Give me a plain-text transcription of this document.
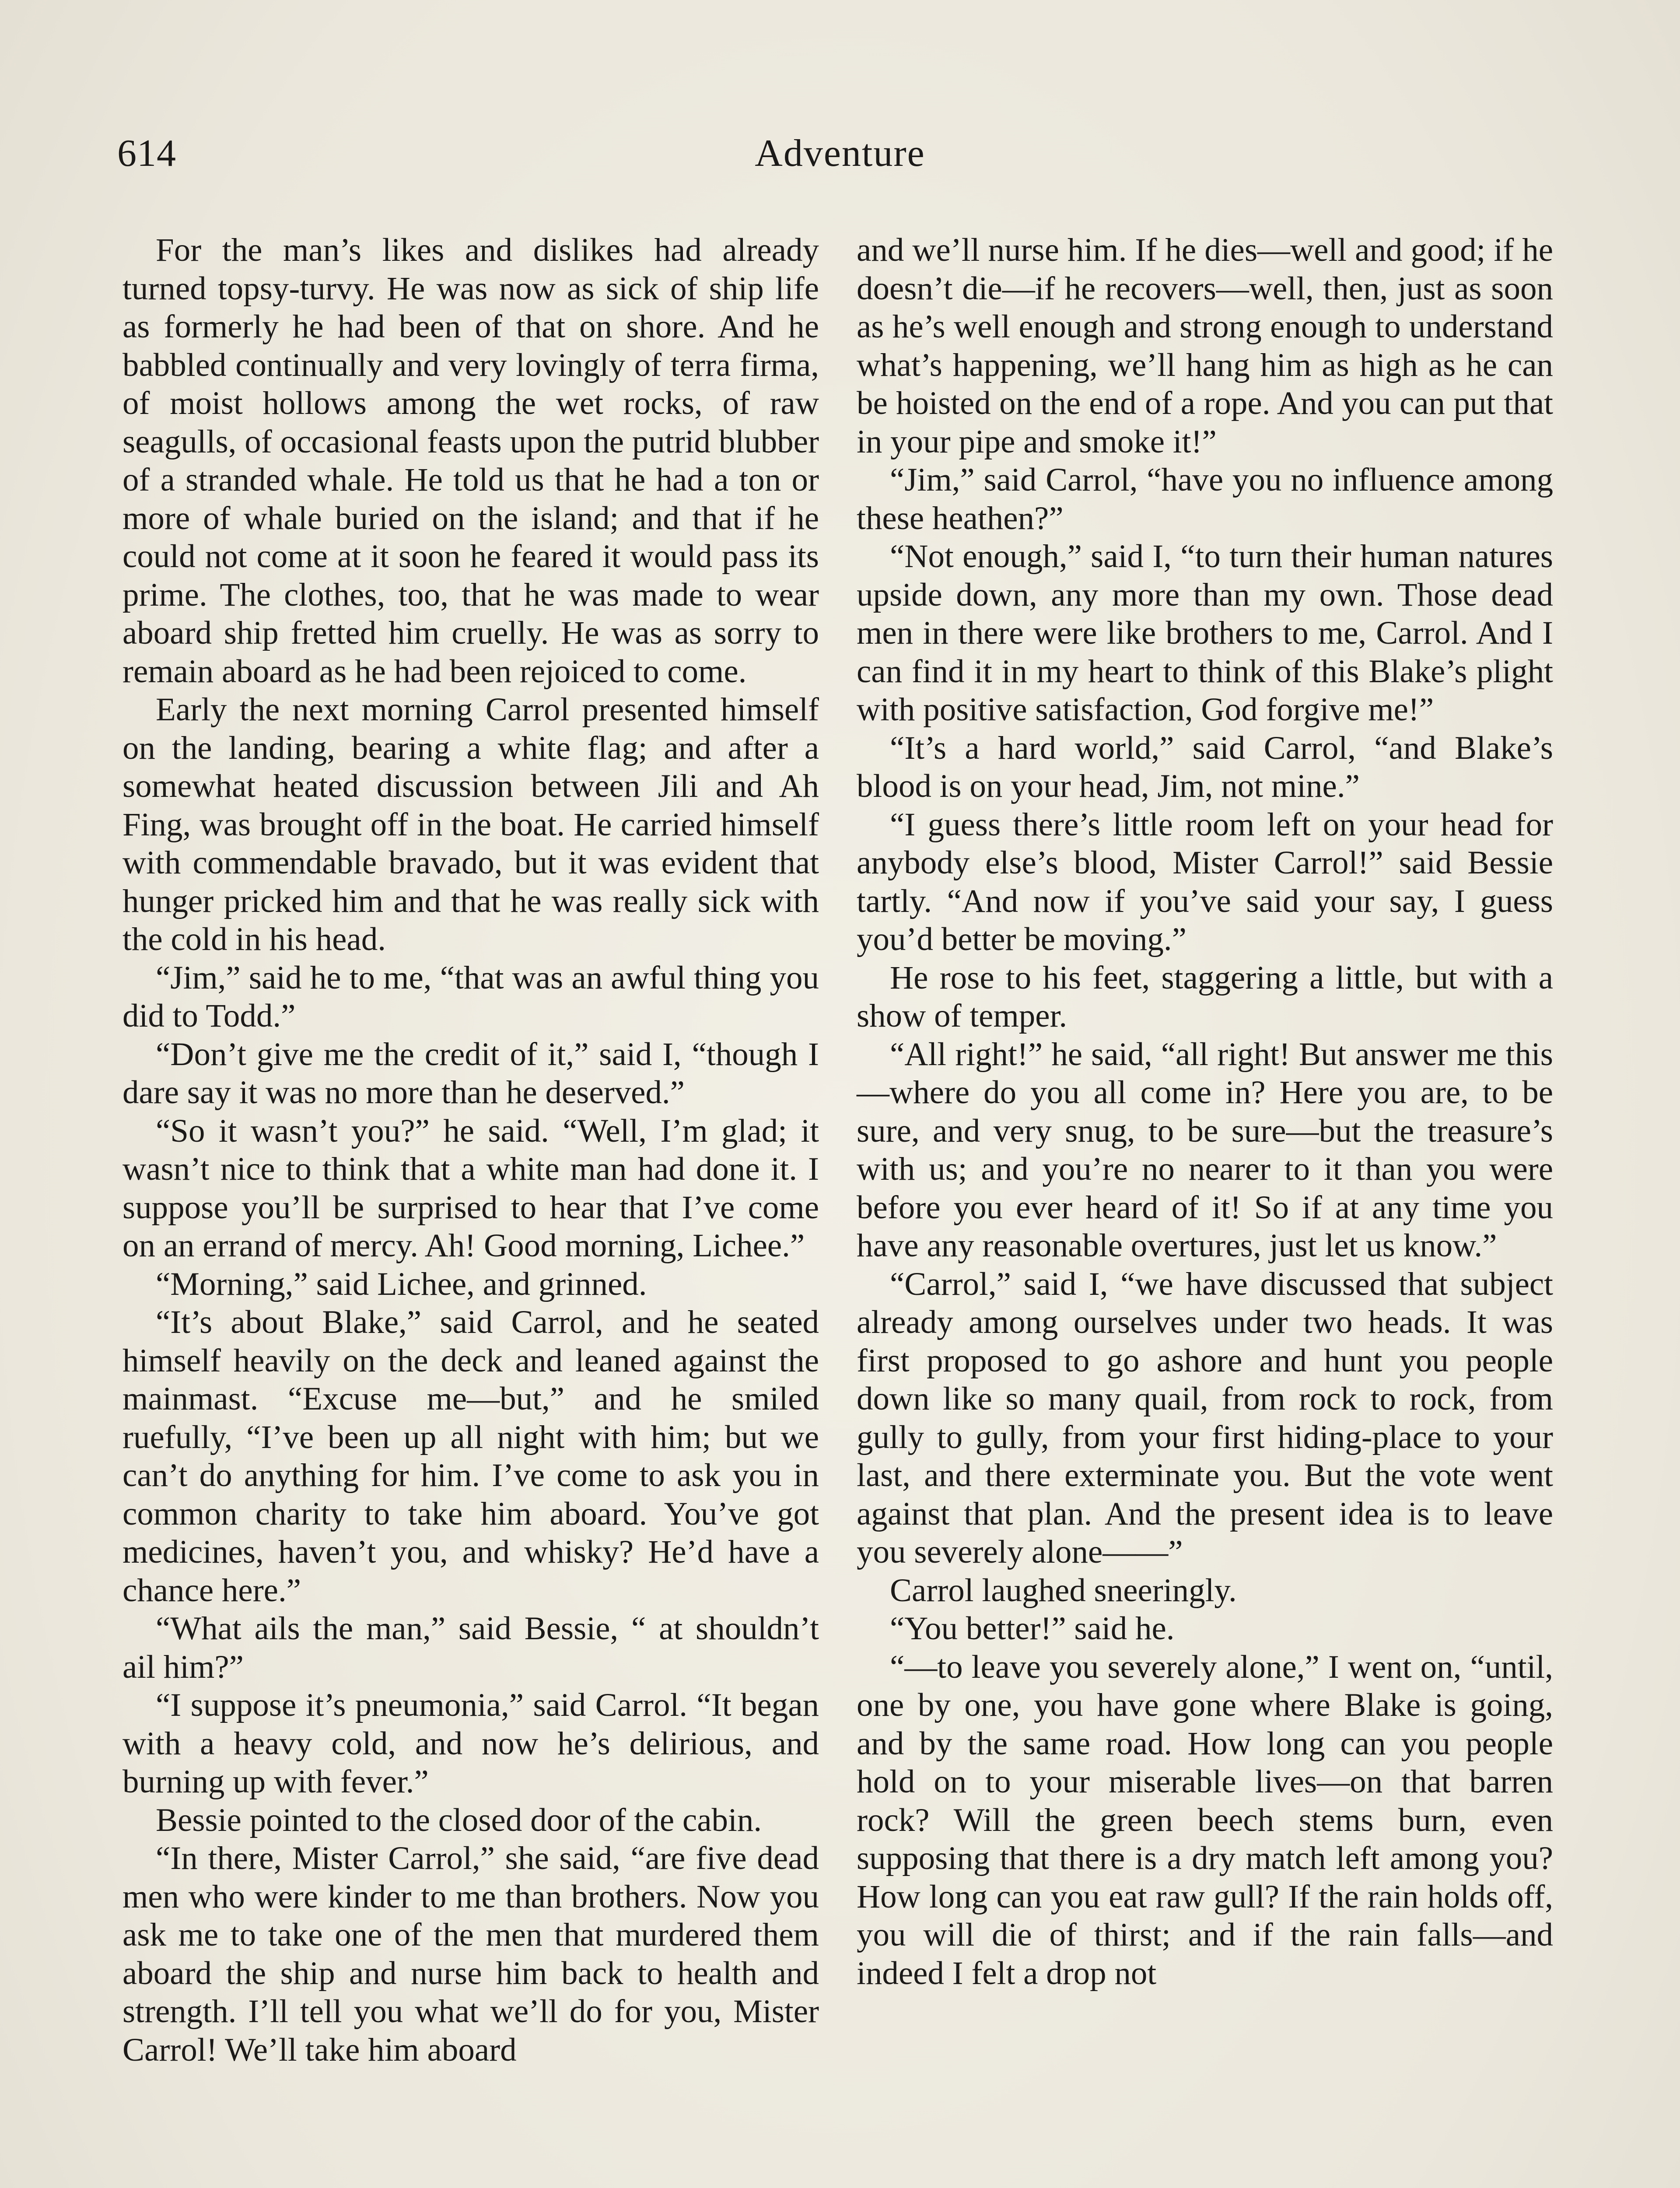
614	Adventure

For the man’s likes and dislikes had already turned topsy-turvy. He was now as sick of ship life as formerly he had been of that on shore. And he babbled continually and very lovingly of terra firma, of moist hollows among the wet rocks, of raw seagulls, of occasional feasts upon the putrid blubber of a stranded whale. He told us that he had a ton or more of whale buried on the island; and that if he could not come at it soon he feared it would pass its prime. The clothes, too, that he was made to wear aboard ship fretted him cruelly. He was as sorry to remain aboard as he had been rejoiced to come.

Early the next morning Carrol presented himself on the landing, bearing a white flag; and after a somewhat heated discussion between Jili and Ah Fing, was brought off in the boat. He carried himself with commendable bravado, but it was evident that hunger pricked him and that he was really sick with the cold in his head.

“Jim,” said he to me, “that was an awful thing you did to Todd.”

“Don’t give me the credit of it,” said I, “though I dare say it was no more than he deserved.”

“So it wasn’t you?” he said. “Well, I’m glad; it wasn’t nice to think that a white man had done it. I suppose you’ll be surprised to hear that I’ve come on an errand of mercy. Ah! Good morning, Lichee.”

“Morning,” said Lichee, and grinned.

“It’s about Blake,” said Carrol, and he seated himself heavily on the deck and leaned against the mainmast. “Excuse me—but,” and he smiled ruefully, “I’ve been up all night with him; but we can’t do anything for him. I’ve come to ask you in common charity to take him aboard. You’ve got medicines, haven’t you, and whisky? He’d have a chance here.”

“What ails the man,” said Bessie, “ at shouldn’t ail him?”

“I suppose it’s pneumonia,” said Carrol. “It began with a heavy cold, and now he’s delirious, and burning up with fever.”

Bessie pointed to the closed door of the cabin.

“In there, Mister Carrol,” she said, “are five dead men who were kinder to me than brothers. Now you ask me to take one of the men that murdered them aboard the ship and nurse him back to health and strength. I’ll tell you what we’ll do for you, Mister Carrol! We’ll take him aboard

and we’ll nurse him. If he dies—well and good; if he doesn’t die—if he recovers—well, then, just as soon as he’s well enough and strong enough to understand what’s happening, we’ll hang him as high as he can be hoisted on the end of a rope. And you can put that in your pipe and smoke it!”

“Jim,” said Carrol, “have you no influence among these heathen?”

“Not enough,” said I, “to turn their human natures upside down, any more than my own. Those dead men in there were like brothers to me, Carrol. And I can find it in my heart to think of this Blake’s plight with positive satisfaction, God forgive me!”

“It’s a hard world,” said Carrol, “and Blake’s blood is on your head, Jim, not mine.”

“I guess there’s little room left on your head for anybody else’s blood, Mister Carrol!” said Bessie tartly. “And now if you’ve said your say, I guess you’d better be moving.”

He rose to his feet, staggering a little, but with a show of temper.

“All right!” he said, “all right! But answer me this—where do you all come in? Here you are, to be sure, and very snug, to be sure—but the treasure’s with us; and you’re no nearer to it than you were before you ever heard of it! So if at any time you have any reasonable overtures, just let us know.”

“Carrol,” said I, “we have discussed that subject already among ourselves under two heads. It was first proposed to go ashore and hunt you people down like so many quail, from rock to rock, from gully to gully, from your first hiding-place to your last, and there exterminate you. But the vote went against that plan. And the present idea is to leave you severely alone——”

Carrol laughed sneeringly.

“You better!” said he.

“—to leave you severely alone,” I went on, “until, one by one, you have gone where Blake is going, and by the same road. How long can you people hold on to your miserable lives—on that barren rock? Will the green beech stems burn, even supposing that there is a dry match left among you? How long can you eat raw gull? If the rain holds off, you will die of thirst; and if the rain falls—and indeed I felt a drop not
